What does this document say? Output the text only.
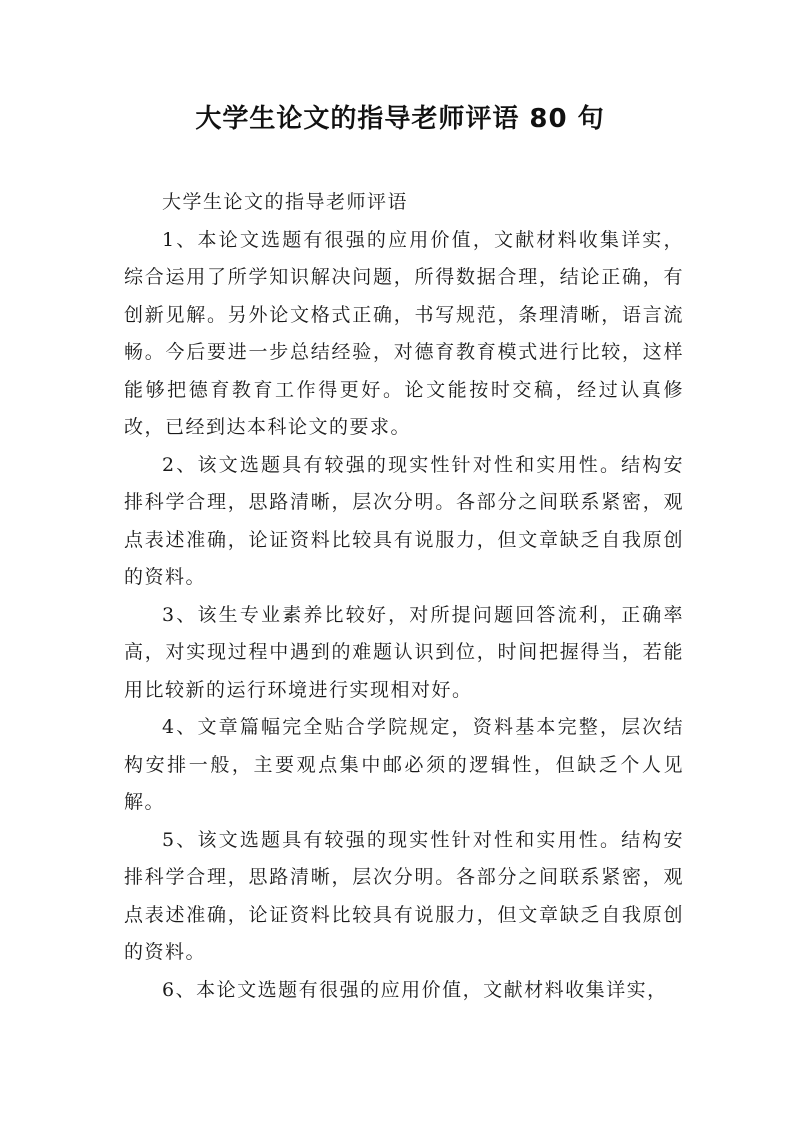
大学生论文的指导老师评语 80 句

大学生论文的指导老师评语

1、本论文选题有很强的应用价值，文献材料收集详实，综合运用了所学知识解决问题，所得数据合理，结论正确，有创新见解。另外论文格式正确，书写规范，条理清晰，语言流畅。今后要进一步总结经验，对德育教育模式进行比较，这样能够把德育教育工作得更好。论文能按时交稿，经过认真修改，已经到达本科论文的要求。

2、该文选题具有较强的现实性针对性和实用性。结构安排科学合理，思路清晰，层次分明。各部分之间联系紧密，观点表述准确，论证资料比较具有说服力，但文章缺乏自我原创的资料。

3、该生专业素养比较好，对所提问题回答流利，正确率高，对实现过程中遇到的难题认识到位，时间把握得当，若能用比较新的运行环境进行实现相对好。

4、文章篇幅完全贴合学院规定，资料基本完整，层次结构安排一般，主要观点集中邮必须的逻辑性，但缺乏个人见解。

5、该文选题具有较强的现实性针对性和实用性。结构安排科学合理，思路清晰，层次分明。各部分之间联系紧密，观点表述准确，论证资料比较具有说服力，但文章缺乏自我原创的资料。

6、本论文选题有很强的应用价值，文献材料收集详实，
